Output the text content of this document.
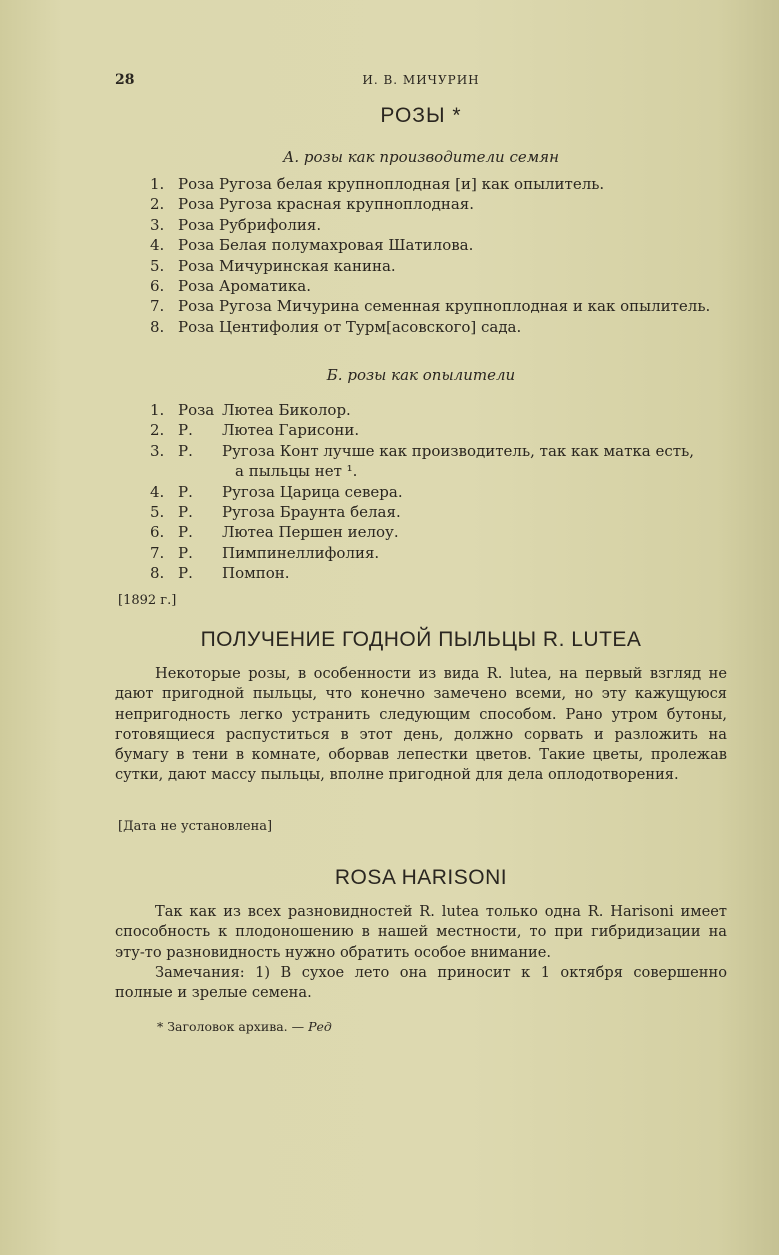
28	И. В. МИЧУРИН
РОЗЫ *
А. розы как производители семян
1. Роза Ругоза белая крупноплодная [и] как опылитель.
2. Роза Ругоза красная крупноплодная.
3. Роза Рубрифолия.
4. Роза Белая полумахровая Шатилова.
5. Роза Мичуринская канина.
6. Роза Ароматика.
7. Роза Ругоза Мичурина семенная крупноплодная и как опылитель.
8. Роза Центифолия от Турм[асовского] сада.
Б. розы как опылители
1. Роза Лютеа Биколор.
2. Р. Лютеа Гарисони.
3. Р. Ругоза Конт лучше как производитель, так как матка есть,
а пыльцы нет ¹.
4. Р. Ругоза Царица севера.
5. Р. Ругоза Браунта белая.
6. Р. Лютеа Першен иелоу.
7. Р. Пимпинеллифолия.
8. Р. Помпон.
[1892 г.]
ПОЛУЧЕНИЕ ГОДНОЙ ПЫЛЬЦЫ R. LUTEA

Некоторые розы, в особенности из вида R. lutea, на первый взгляд не дают пригодной пыльцы, что конечно замечено всеми, но эту кажущуюся непригодность легко устранить следующим способом. Рано утром бутоны, готовящиеся распуститься в этот день, должно сорвать и разложить на бумагу в тени в комнате, оборвав лепестки цветов. Такие цветы, пролежав сутки, дают массу пыльцы, вполне пригодной для дела оплодотворения.

[Дата не установлена]
ROSA HARISONI

Так как из всех разновидностей R. lutea только одна R. Harisoni имеет способность к плодоношению в нашей местности, то при гибридизации на эту-то разновидность нужно обратить особое внимание.

Замечания: 1) В сухое лето она приносит к 1 октября совершенно полные и зрелые семена.

* Заголовок архива. — Ред
